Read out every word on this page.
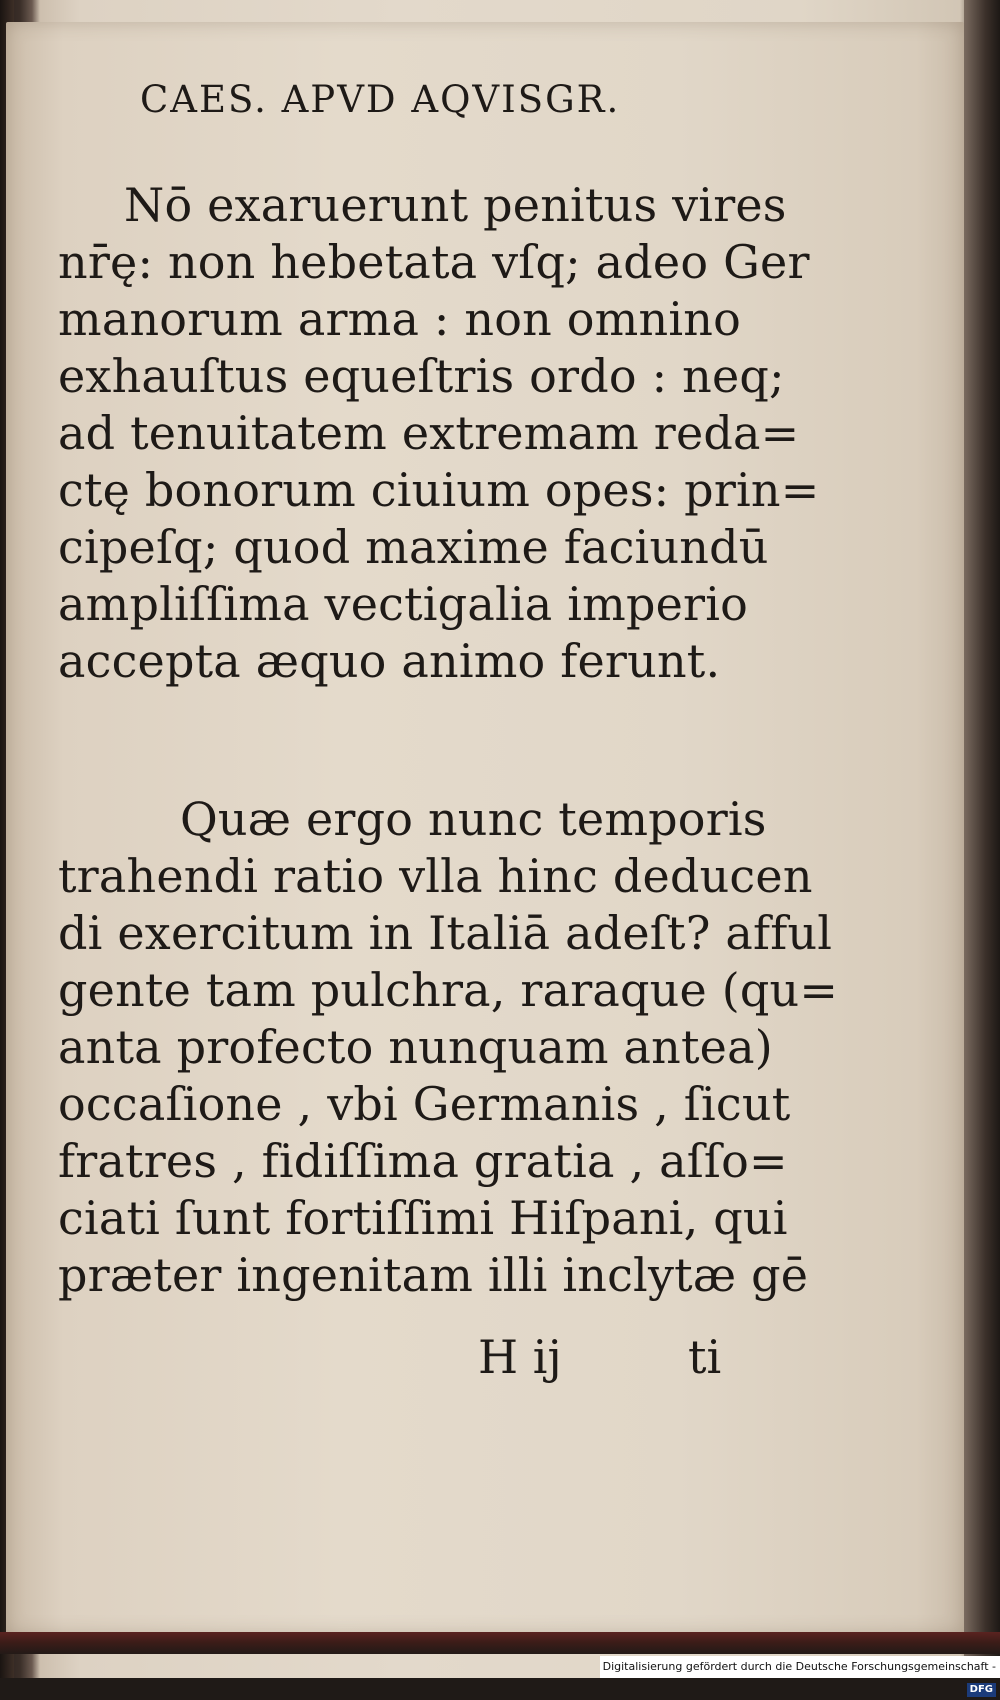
CAES. APVD AQVISGR.
Nō exaruerunt penitus vires
nr̄ę: non hebetata vſq; adeo Ger
manorum arma : non omnino
exhauſtus equeſtris ordo : neq;
ad tenuitatem extremam reda=
ctę bonorum ciuium opes: prin=
cipeſq; quod maxime faciundū
ampliſſima vectigalia imperio
accepta æquo animo ferunt.
Quæ ergo nunc temporis
trahendi ratio vlla hinc deducen
di exercitum in Italiā adeſt? afful
gente tam pulchra, raraque (qu=
anta profecto nunquam antea)
occaſione , vbi Germanis , ſicut
fratres , fidiſſima gratia , aſſo=
ciati ſunt fortiſſimi Hiſpani, qui
præter ingenitam illi inclytæ gē
H ij	ti
Digitalisierung gefördert durch die Deutsche Forschungsgemeinschaft -DFG
